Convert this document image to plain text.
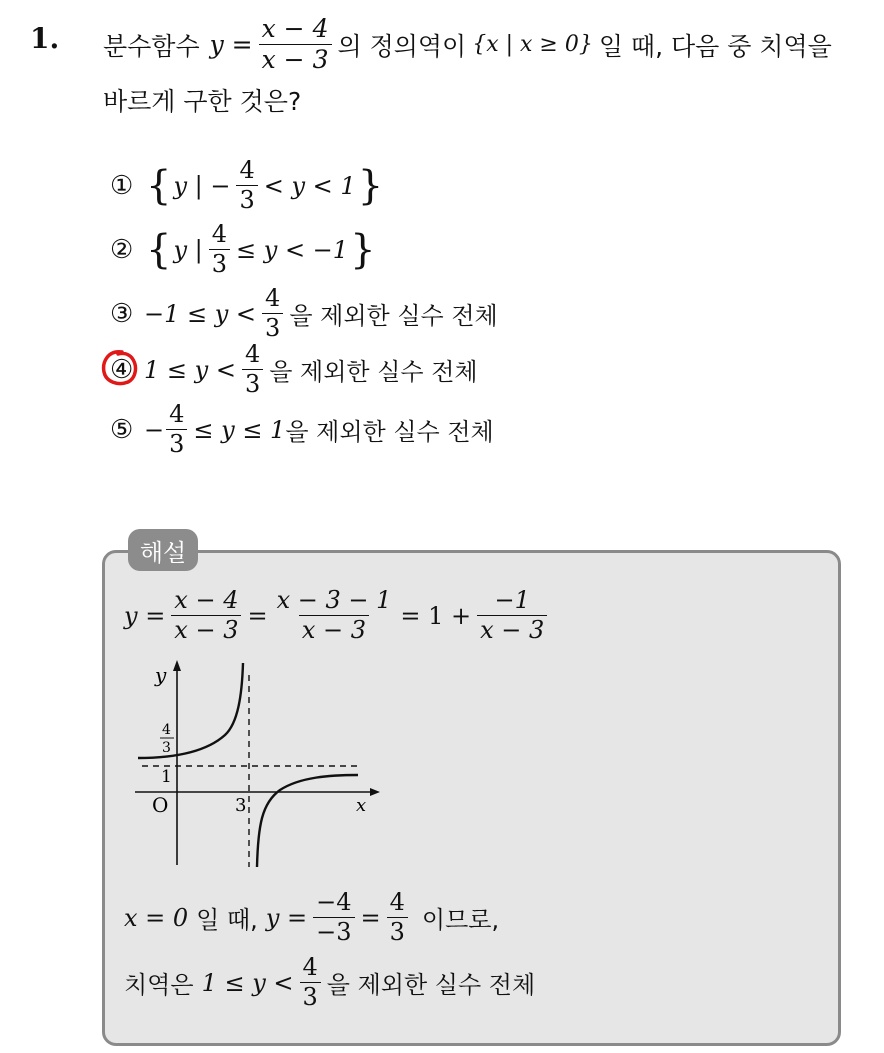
1. 분수함수 $y = \frac{x - 4}{x - 3}$ 의 정의역이 {x | x ≥ 0} 일 때, 다음 중 치역을
바르게 구한 것은?
① { y | − $\frac{4}{3} < y < 1$ }
② { y | $\frac{4}{3} \le y < -1$ }
③ $-1 \le y < \frac{4}{3}$ 을 제외한 실수 전체
④ $1 \le y < \frac{4}{3}$ 을 제외한 실수 전체
⑤ − $\frac{4}{3} \le y \le 1$ 을 제외한 실수 전체
해설
$y = \frac{x - 4}{x - 3} = \frac{x - 3 - 1}{x - 3} = 1 + \frac{-1}{x - 3}$
y
x
O	3
1
4
3
x = 0 일 때, $y = \frac{-4}{-3} = \frac{4}{3}$ 이므로,
치역은 $1 \le y < \frac{4}{3}$ 을 제외한 실수 전체
